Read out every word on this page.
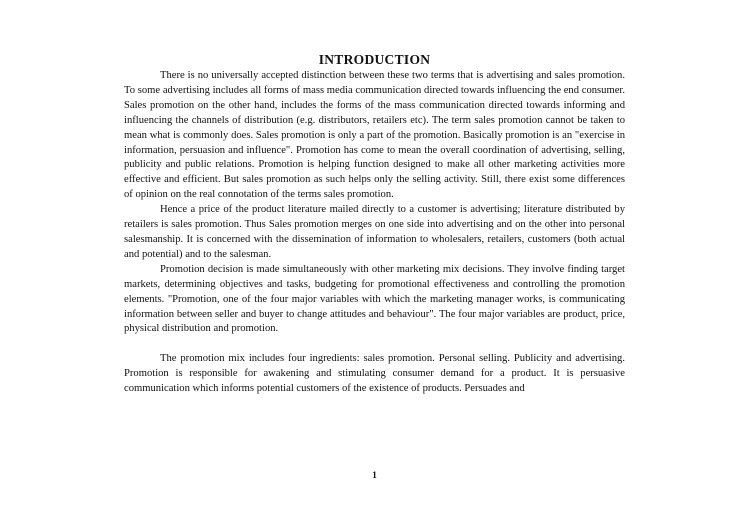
INTRODUCTION

There is no universally accepted distinction between these two terms that is advertising and sales promotion. To some advertising includes all forms of mass media communication directed towards influencing the end consumer. Sales promotion on the other hand, includes the forms of the mass communication directed towards informing and influencing the channels of distribution (e.g. distributors, retailers etc). The term sales promotion cannot be taken to mean what is commonly does. Sales promotion is only a part of the promotion. Basically promotion is an "exercise in information, persuasion and influence". Promotion has come to mean the overall coordination of advertising, selling, publicity and public relations. Promotion is helping function designed to make all other marketing activities more effective and efficient. But sales promotion as such helps only the selling activity. Still, there exist some differences of opinion on the real connotation of the terms sales promotion.

Hence a price of the product literature mailed directly to a customer is advertising; literature distributed by retailers is sales promotion. Thus Sales promotion merges on one side into advertising and on the other into personal salesmanship. It is concerned with the dissemination of information to wholesalers, retailers, customers (both actual and potential) and to the salesman.

Promotion decision is made simultaneously with other marketing mix decisions. They involve finding target markets, determining objectives and tasks, budgeting for promotional effectiveness and controlling the promotion elements. "Promotion, one of the four major variables with which the marketing manager works, is communicating information between seller and buyer to change attitudes and behaviour". The four major variables are product, price, physical distribution and promotion.

The promotion mix includes four ingredients: sales promotion. Personal selling. Publicity and advertising. Promotion is responsible for awakening and stimulating consumer demand for a product. It is persuasive communication which informs potential customers of the existence of products. Persuades and

1
